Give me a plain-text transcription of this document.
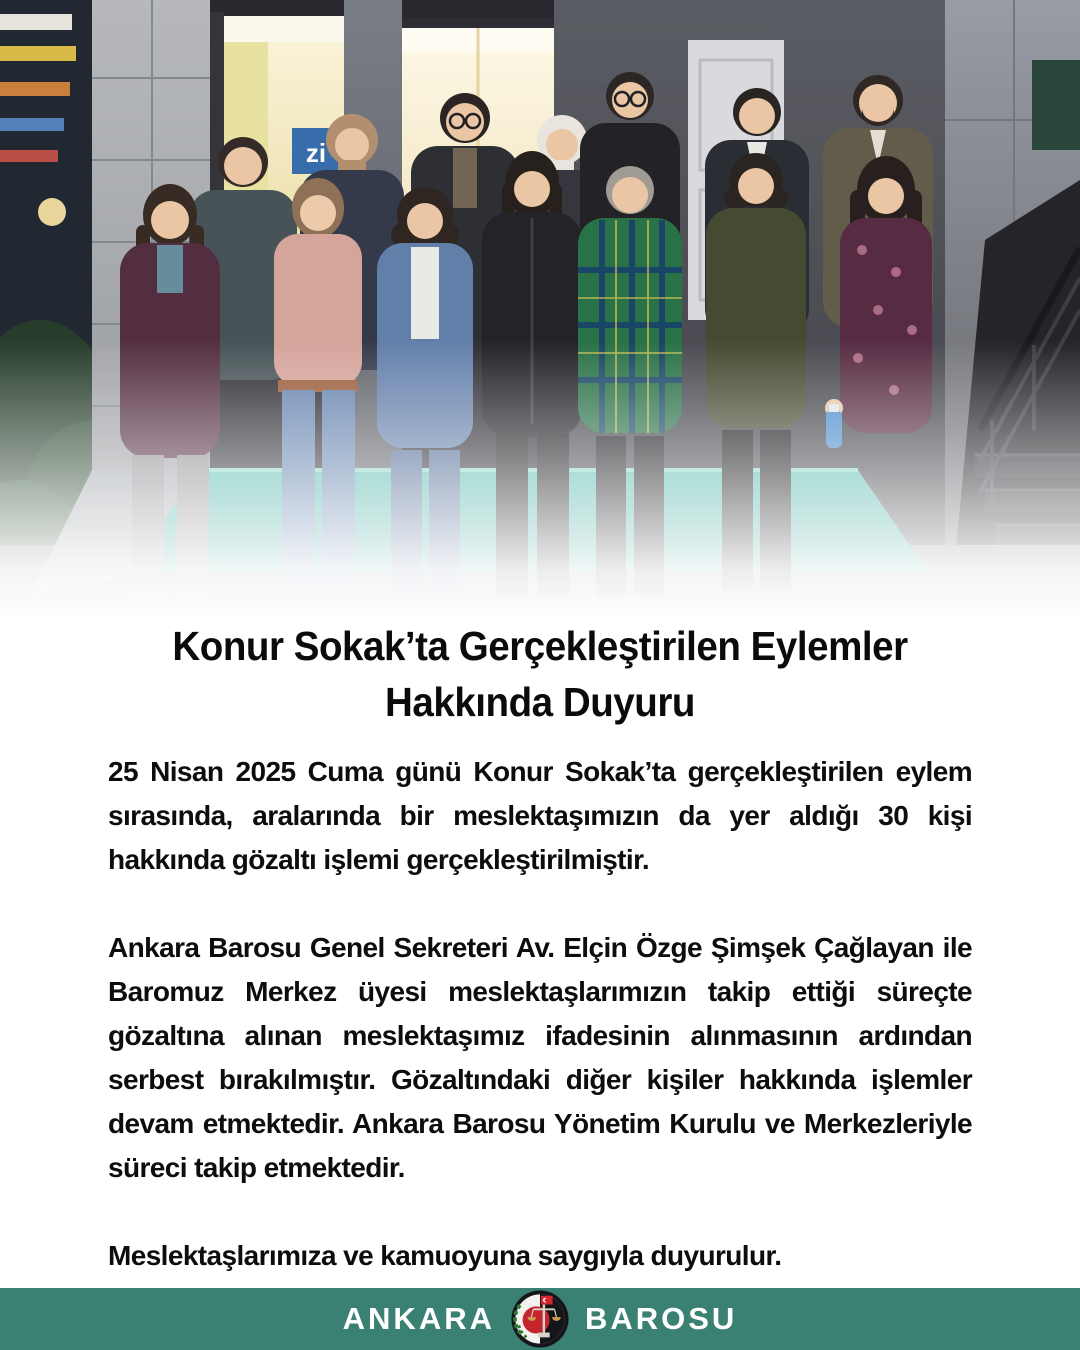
zi
Konur Sokak’ta Gerçekleştirilen Eylemler
Hakkında Duyuru

25 Nisan 2025 Cuma günü Konur Sokak’ta gerçekleştirilen eylem sırasında, aralarında bir meslektaşımızın da yer aldığı 30 kişi hakkında gözaltı işlemi gerçekleştirilmiştir.

Ankara Barosu Genel Sekreteri Av. Elçin Özge Şimşek Çağlayan ile Baromuz Merkez üyesi meslektaşlarımızın takip ettiği süreçte gözaltına alınan meslektaşımız ifadesinin alınmasının ardından serbest bırakılmıştır. Gözaltındaki diğer kişiler hakkında işlemler devam etmektedir. Ankara Barosu Yönetim Kurulu ve Merkezleriyle süreci takip etmektedir.

Meslektaşlarımıza ve kamuoyuna saygıyla duyurulur.

ANKARA	BAROSU
